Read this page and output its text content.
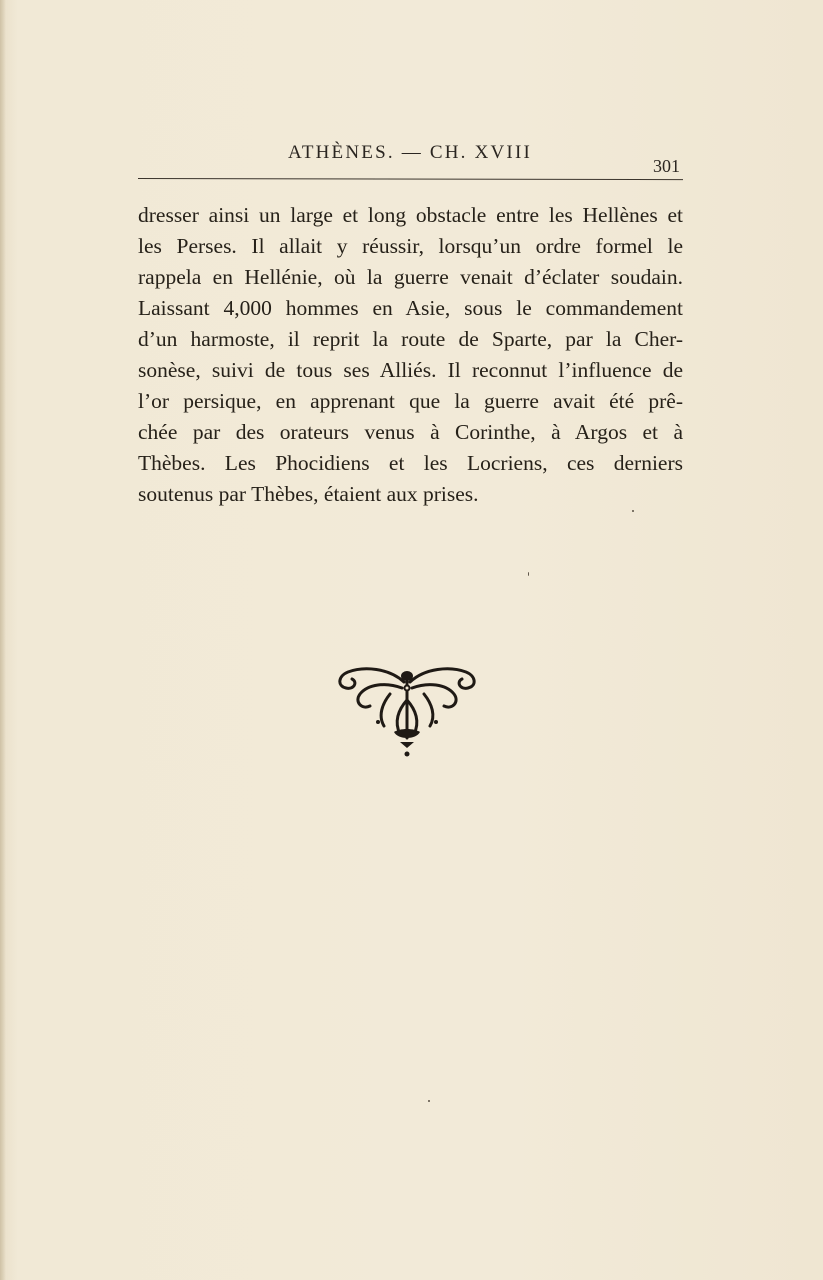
ATHÈNES. — CH. XVIII
301
dresser ainsi un large et long obstacle entre les Hellènes et
les Perses. Il allait y réussir, lorsqu’un ordre formel le
rappela en Hellénie, où la guerre venait d’éclater soudain.
Laissant 4,000 hommes en Asie, sous le commandement
d’un harmoste, il reprit la route de Sparte, par la Cher-
sonèse, suivi de tous ses Alliés. Il reconnut l’influence de
l’or persique, en apprenant que la guerre avait été prê-
chée par des orateurs venus à Corinthe, à Argos et à
Thèbes. Les Phocidiens et les Locriens, ces derniers
soutenus par Thèbes, étaient aux prises.
